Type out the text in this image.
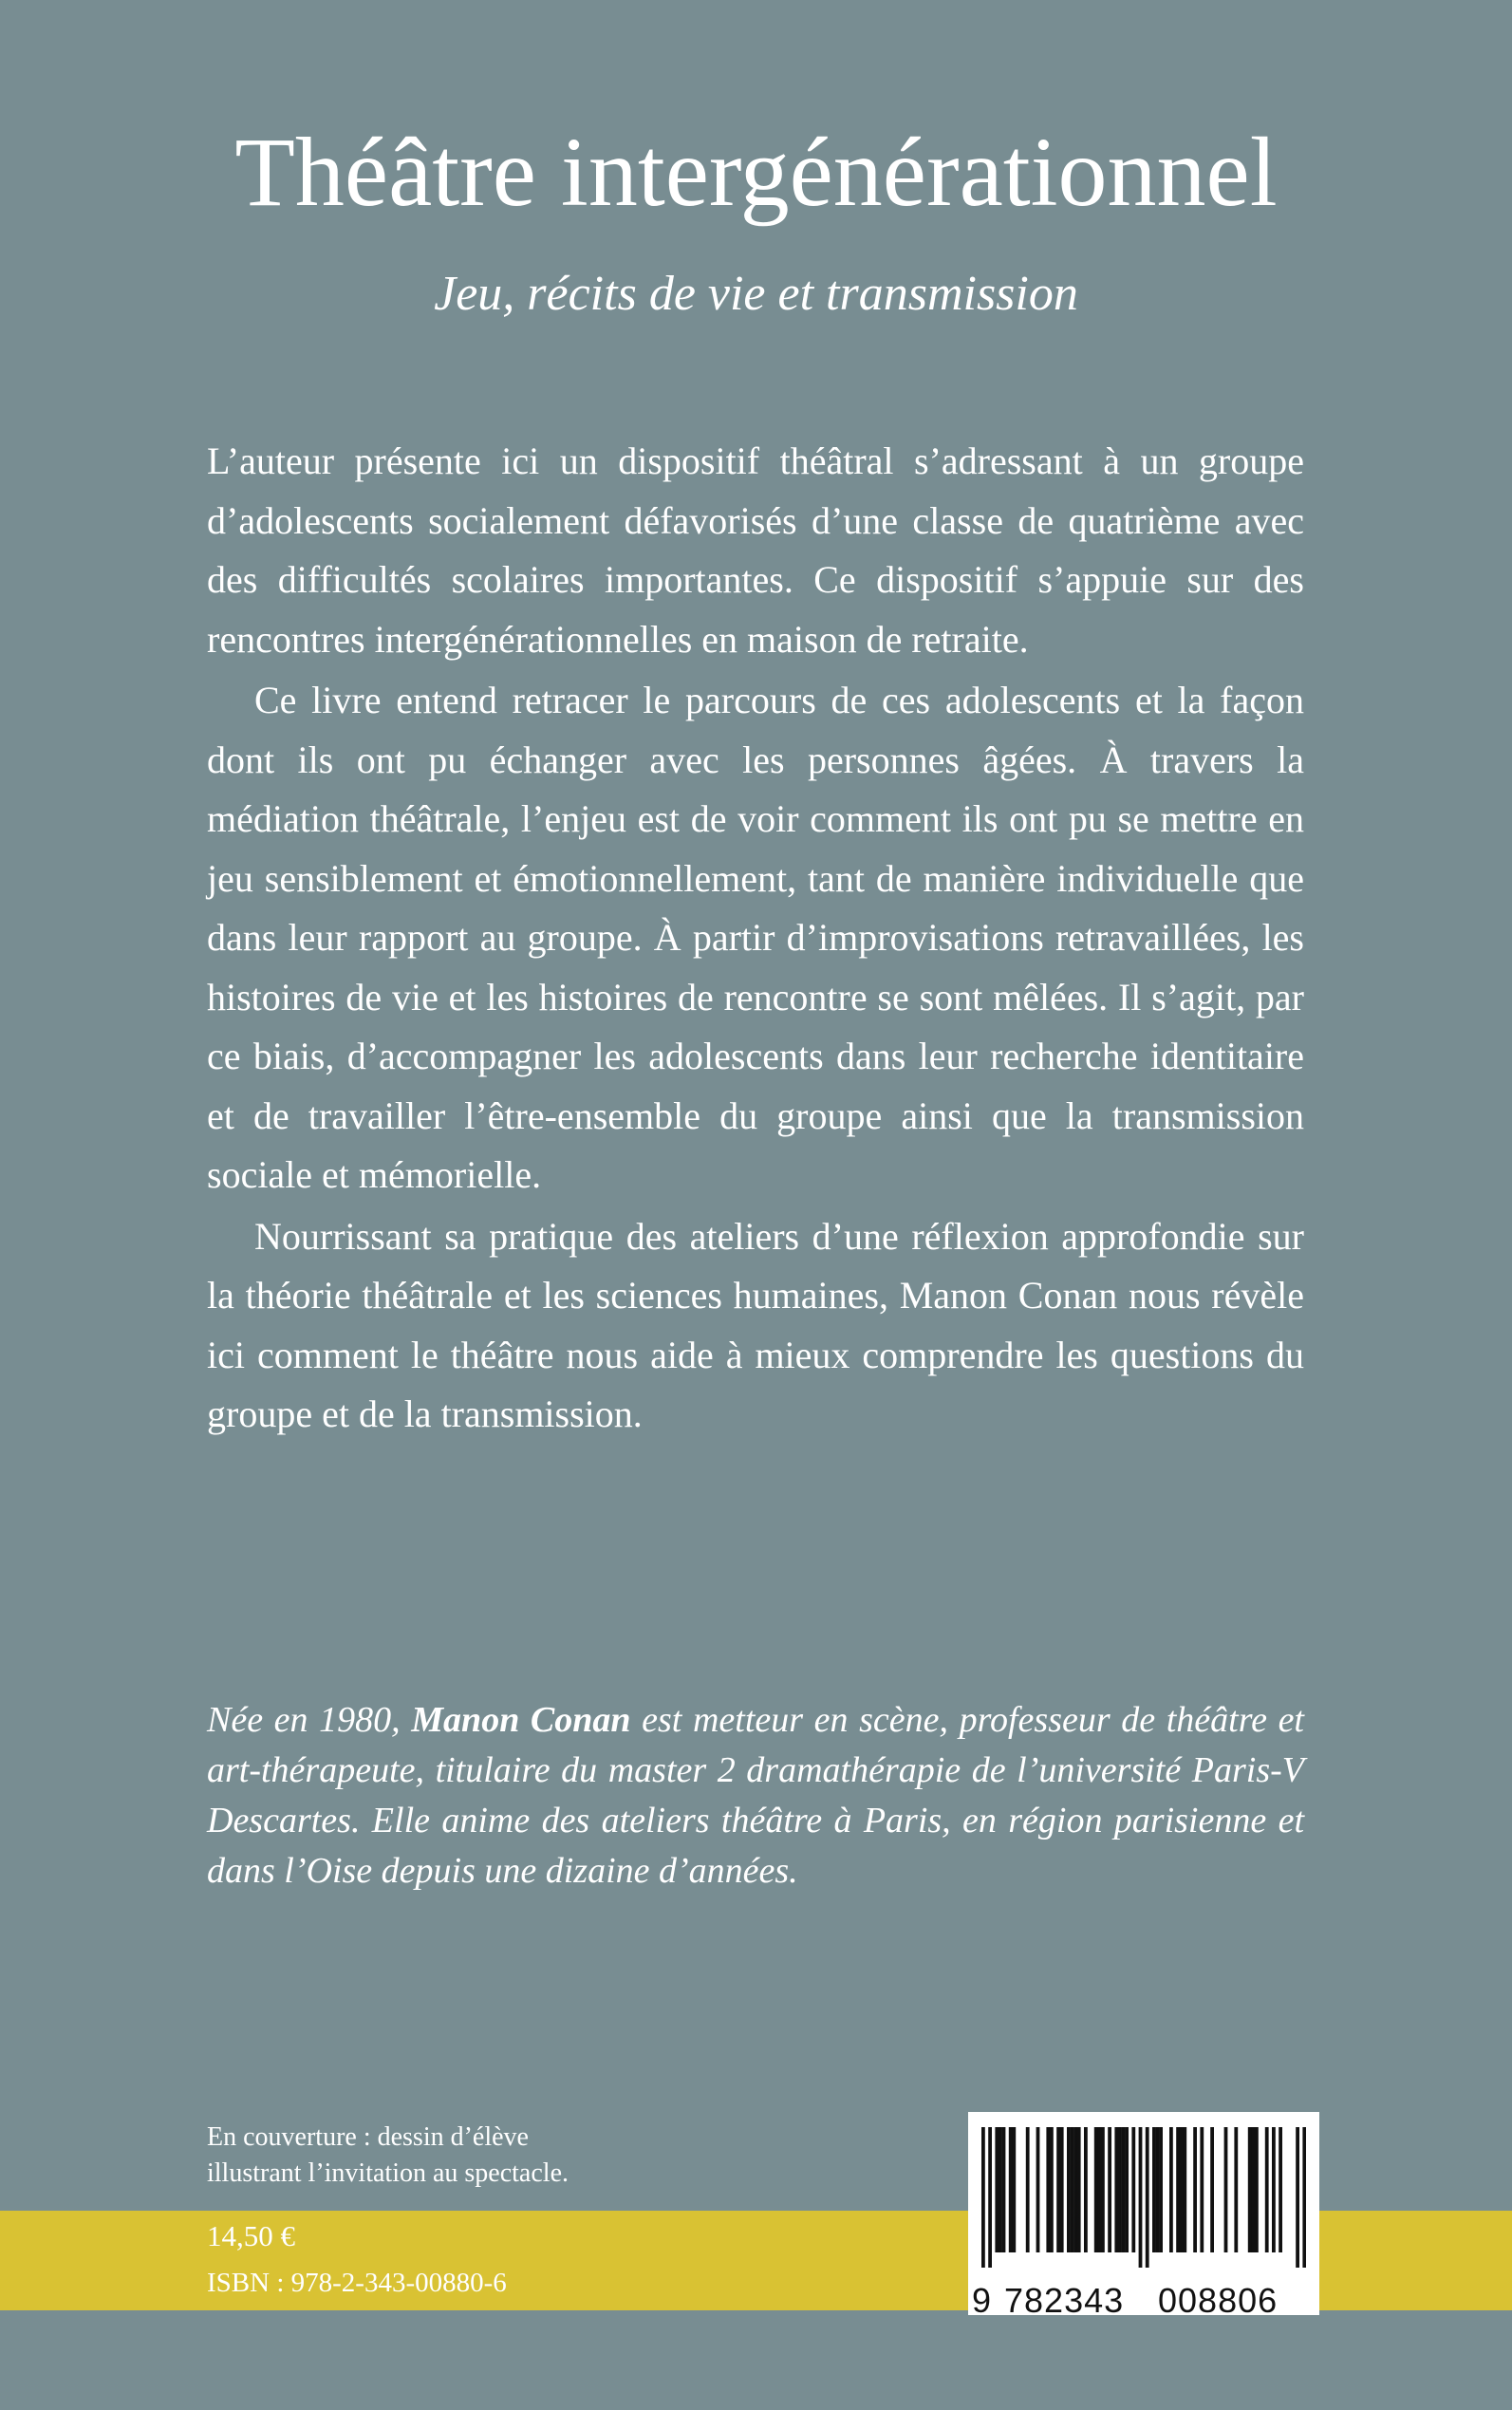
Théâtre intergénérationnel

Jeu, récits de vie et transmission

L’auteur présente ici un dispositif théâtral s’adressant à un groupe d’adolescents socialement défavorisés d’une classe de quatrième avec des difficultés scolaires importantes. Ce dispositif s’appuie sur des rencontres intergénérationnelles en maison de retraite.

Ce livre entend retracer le parcours de ces adolescents et la façon dont ils ont pu échanger avec les personnes âgées. À travers la médiation théâtrale, l’enjeu est de voir comment ils ont pu se mettre en jeu sensiblement et émotionnellement, tant de manière individuelle que dans leur rapport au groupe. À partir d’improvisations retravaillées, les histoires de vie et les histoires de rencontre se sont mêlées. Il s’agit, par ce biais, d’accompagner les adolescents dans leur recherche identitaire et de travailler l’être-ensemble du groupe ainsi que la transmission sociale et mémorielle.

Nourrissant sa pratique des ateliers d’une réflexion approfondie sur la théorie théâtrale et les sciences humaines, Manon Conan nous révèle ici comment le théâtre nous aide à mieux comprendre les questions du groupe et de la transmission.

Née en 1980, Manon Conan est metteur en scène, professeur de théâtre et art-thérapeute, titulaire du master 2 dramathérapie de l’université Paris-V Descartes. Elle anime des ateliers théâtre à Paris, en région parisienne et dans l’Oise depuis une dizaine d’années.
En couverture : dessin d’élève
illustrant l’invitation au spectacle.
14,50 €
ISBN : 978-2-343-00880-6	9 782343 008806
